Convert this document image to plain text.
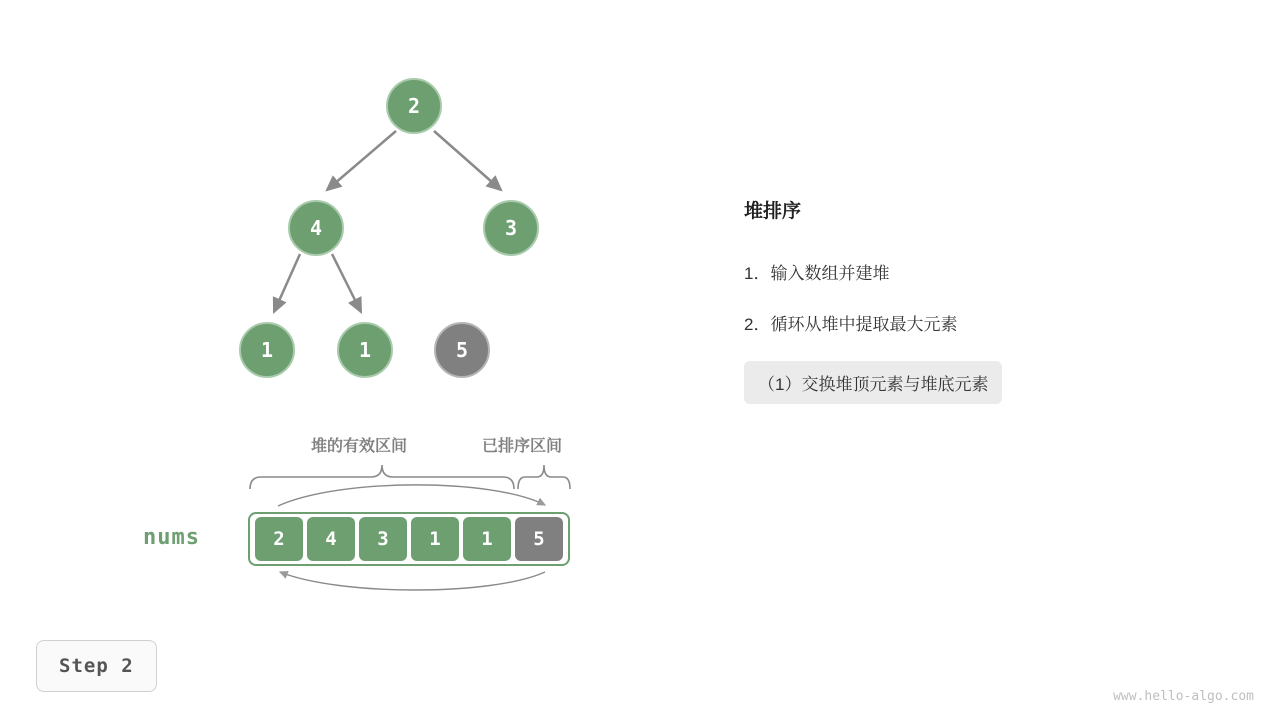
2
4	3
1	1	5
堆的有效区间	已排序区间
nums	2 4 3 1 1 5
堆排序
1．输入数组并建堆
2．循环从堆中提取最大元素
（1）交换堆顶元素与堆底元素
Step 2
www.hello-algo.com
